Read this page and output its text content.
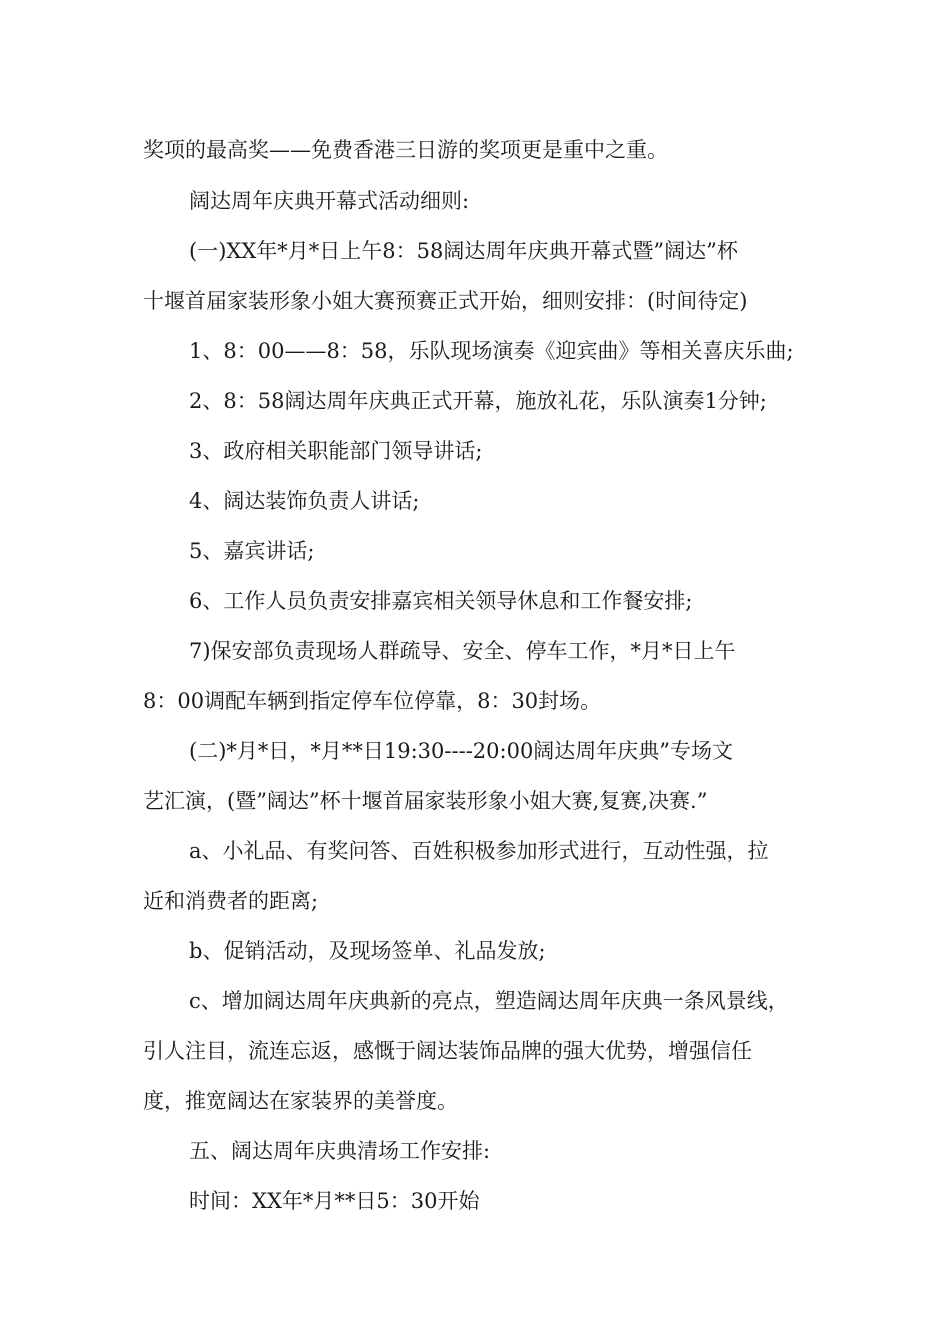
奖项的最高奖——免费香港三日游的奖项更是重中之重。
阔达周年庆典开幕式活动细则:
(一)XX年*月*日上午8：58阔达周年庆典开幕式暨”阔达”杯
十堰首届家装形象小姐大赛预赛正式开始，细则安排：(时间待定)
1、8：00——8：58，乐队现场演奏《迎宾曲》等相关喜庆乐曲;
2、8：58阔达周年庆典正式开幕，施放礼花，乐队演奏1分钟;
3、政府相关职能部门领导讲话;
4、阔达装饰负责人讲话;
5、嘉宾讲话;
6、工作人员负责安排嘉宾相关领导休息和工作餐安排;
7)保安部负责现场人群疏导、安全、停车工作，*月*日上午
8：00调配车辆到指定停车位停靠，8：30封场。
(二)*月*日，*月**日19:30----20:00阔达周年庆典”专场文
艺汇演，(暨”阔达”杯十堰首届家装形象小姐大赛,复赛,决赛.”
a、小礼品、有奖问答、百姓积极参加形式进行，互动性强，拉
近和消费者的距离;
b、促销活动，及现场签单、礼品发放;
c、增加阔达周年庆典新的亮点，塑造阔达周年庆典一条风景线，
引人注目，流连忘返，感慨于阔达装饰品牌的强大优势，增强信任
度，推宽阔达在家装界的美誉度。
五、阔达周年庆典清场工作安排:
时间：XX年*月**日5：30开始
